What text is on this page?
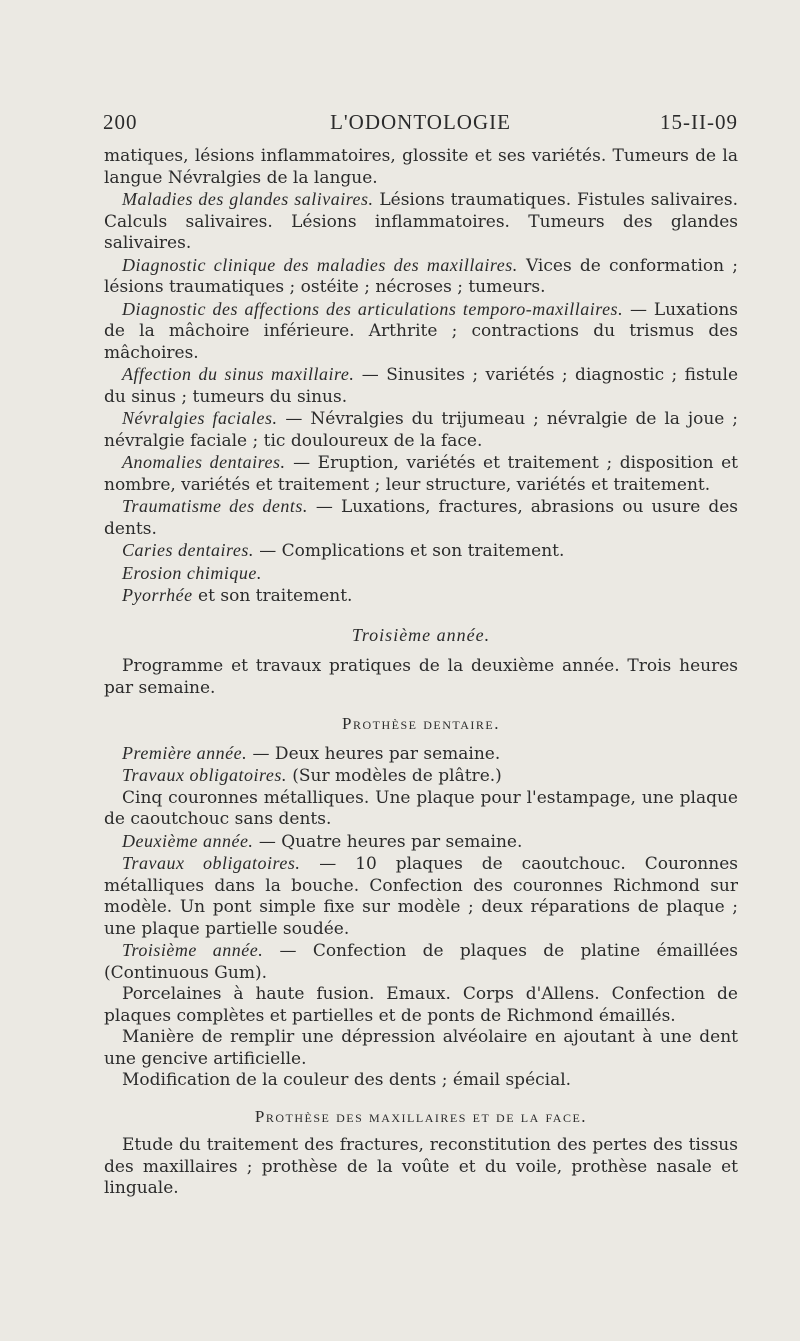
200	L'ODONTOLOGIE	15-II-09

matiques, lésions inflammatoires, glossite et ses variétés. Tumeurs de la langue Névralgies de la langue.

Maladies des glandes salivaires. Lésions traumatiques. Fistules salivaires. Calculs salivaires. Lésions inflammatoires. Tumeurs des glandes salivaires.

Diagnostic clinique des maladies des maxillaires. Vices de conformation ; lésions traumatiques ; ostéite ; nécroses ; tumeurs.

Diagnostic des affections des articulations temporo-maxillaires. — Luxations de la mâchoire inférieure. Arthrite ; contractions du trismus des mâchoires.

Affection du sinus maxillaire. — Sinusites ; variétés ; diagnostic ; fistule du sinus ; tumeurs du sinus.

Névralgies faciales. — Névralgies du trijumeau ; névralgie de la joue ; névralgie faciale ; tic douloureux de la face.

Anomalies dentaires. — Eruption, variétés et traitement ; disposition et nombre, variétés et traitement ; leur structure, variétés et traitement.

Traumatisme des dents. — Luxations, fractures, abrasions ou usure des dents.

Caries dentaires. — Complications et son traitement.

Erosion chimique.

Pyorrhée et son traitement.

Troisième année.

Programme et travaux pratiques de la deuxième année. Trois heures par semaine.

Prothèse dentaire.

Première année. — Deux heures par semaine.

Travaux obligatoires. (Sur modèles de plâtre.)

Cinq couronnes métalliques. Une plaque pour l'estampage, une plaque de caoutchouc sans dents.

Deuxième année. — Quatre heures par semaine.

Travaux obligatoires. — 10 plaques de caoutchouc. Couronnes métalliques dans la bouche. Confection des couronnes Richmond sur modèle. Un pont simple fixe sur modèle ; deux réparations de plaque ; une plaque partielle soudée.

Troisième année. — Confection de plaques de platine émaillées (Continuous Gum).

Porcelaines à haute fusion. Emaux. Corps d'Allens. Confection de plaques complètes et partielles et de ponts de Richmond émaillés.

Manière de remplir une dépression alvéolaire en ajoutant à une dent une gencive artificielle.

Modification de la couleur des dents ; émail spécial.

Prothèse des maxillaires et de la face.

Etude du traitement des fractures, reconstitution des pertes des tissus des maxillaires ; prothèse de la voûte et du voile, prothèse nasale et linguale.
